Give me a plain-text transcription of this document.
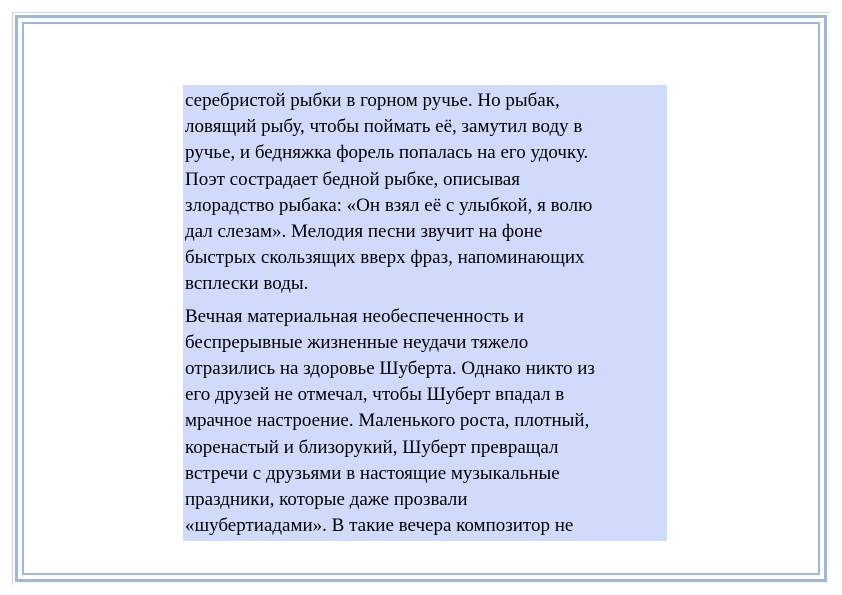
серебристой рыбки в горном ручье. Но рыбак,
ловящий рыбу, чтобы поймать её, замутил воду в
ручье, и бедняжка форель попалась на его удочку.
Поэт сострадает бедной рыбке, описывая
злорадство рыбака: «Он взял её с улыбкой, я волю
дал слезам». Мелодия песни звучит на фоне
быстрых скользящих вверх фраз, напоминающих
всплески воды.

Вечная материальная необеспеченность и
беспрерывные жизненные неудачи тяжело
отразились на здоровье Шуберта. Однако никто из
его друзей не отмечал, чтобы Шуберт впадал в
мрачное настроение. Маленького роста, плотный,
коренастый и близорукий, Шуберт превращал
встречи с друзьями в настоящие музыкальные
праздники, которые даже прозвали
«шубертиадами». В такие вечера композитор не
